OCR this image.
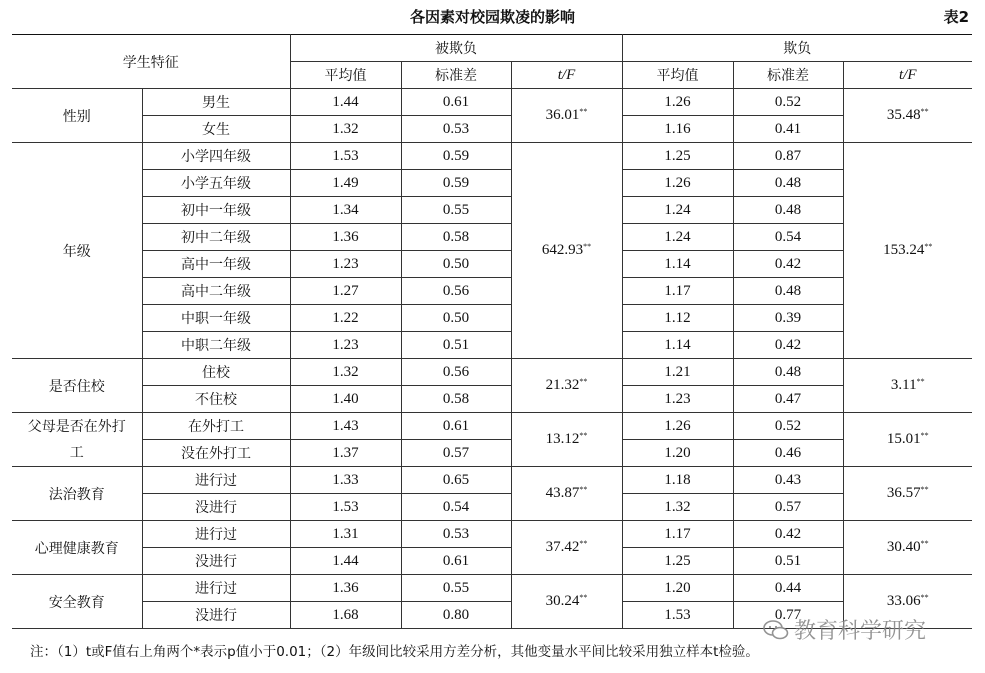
各因素对校园欺凌的影响	表2
学生特征		被欺负			欺负		
		平均值	标准差	t/F	平均值	标准差	t/F
性别	男生	1.44	0.61	36.01**	1.26	0.52	35.48**
	女生	1.32	0.53		1.16	0.41	
年级	小学四年级	1.53	0.59	642.93**	1.25	0.87	153.24**
	小学五年级	1.49	0.59		1.26	0.48	
	初中一年级	1.34	0.55		1.24	0.48	
	初中二年级	1.36	0.58		1.24	0.54	
	高中一年级	1.23	0.50		1.14	0.42	
	高中二年级	1.27	0.56		1.17	0.48	
	中职一年级	1.22	0.50		1.12	0.39	
	中职二年级	1.23	0.51		1.14	0.42	
是否住校	住校	1.32	0.56	21.32**	1.21	0.48	3.11**
	不住校	1.40	0.58		1.23	0.47	
父母是否在外打工	在外打工	1.43	0.61	13.12**	1.26	0.52	15.01**
	没在外打工	1.37	0.57		1.20	0.46	
法治教育	进行过	1.33	0.65	43.87**	1.18	0.43	36.57**
	没进行	1.53	0.54		1.32	0.57	
心理健康教育	进行过	1.31	0.53	37.42**	1.17	0.42	30.40**
	没进行	1.44	0.61		1.25	0.51	
安全教育	进行过	1.36	0.55	30.24**	1.20	0.44	33.06**
	没进行	1.68	0.80		1.53	0.77	
注：（1）t或F值右上角两个*表示p值小于0.01；（2）年级间比较采用方差分析，其他变量水平间比较采用独立样本t检验。
教育科学研究
